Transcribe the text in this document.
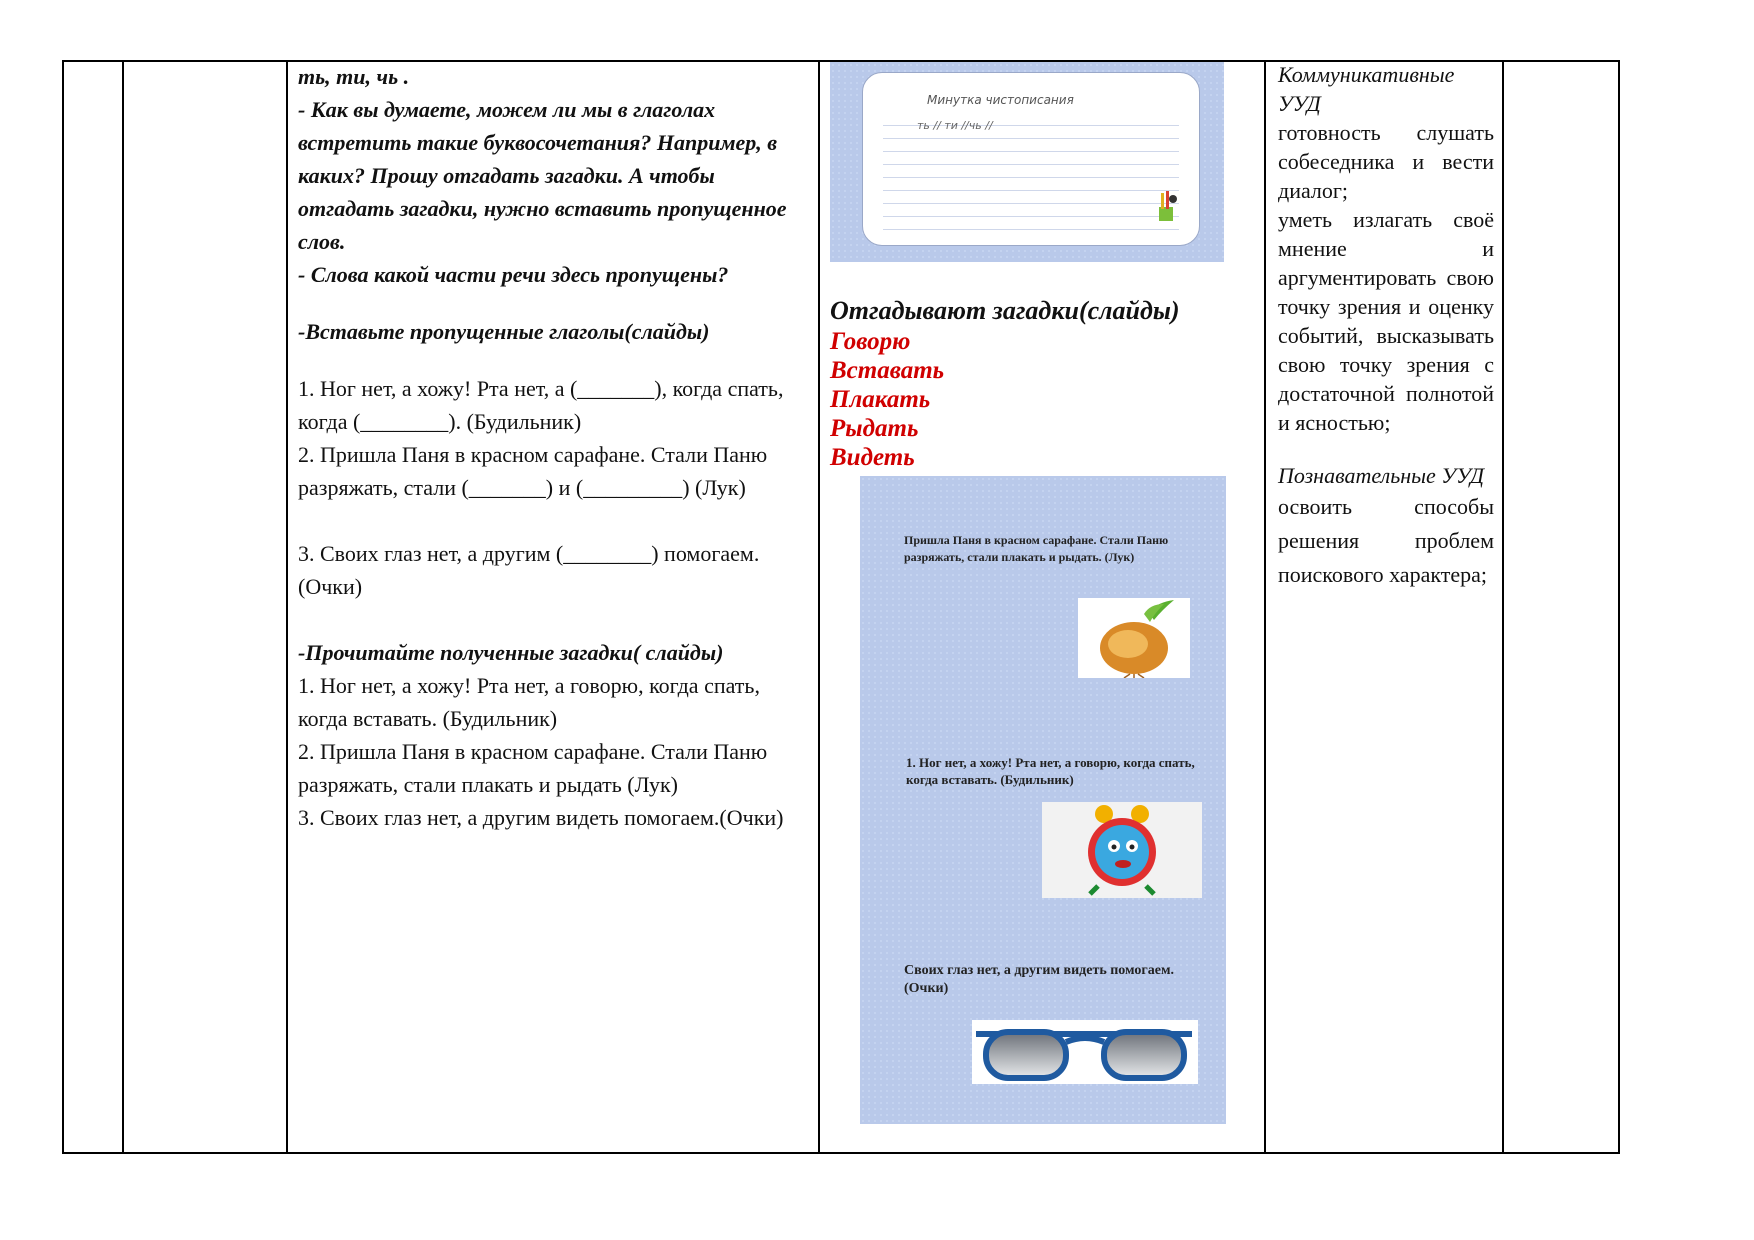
ть, ти, чь .

- Как вы думаете, можем ли мы в глаголах встретить такие буквосочетания? Например, в каких? Прошу отгадать загадки. А чтобы отгадать загадки, нужно вставить пропущенное слов.

- Слова какой части речи здесь пропущены?

-Вставьте пропущенные глаголы(слайды)

1. Ног нет, а хожу! Рта нет, а (_______), когда спать, когда (________). (Будильник)

2. Пришла Паня в красном сарафане. Стали Паню разряжать, стали (_______) и (_________) (Лук)

3. Своих глаз нет, а другим (________) помогаем.(Очки)

-Прочитайте полученные загадки( слайды)

1. Ног нет, а хожу! Рта нет, а говорю, когда спать, когда вставать. (Будильник)

2. Пришла Паня в красном сарафане. Стали Паню разряжать, стали плакать и рыдать (Лук)

3. Своих глаз нет, а другим видеть помогаем.(Очки)

Минутка чистописания
ть // ти //чь //
Отгадывают загадки(слайды)
Говорю
Вставать
Плакать
Рыдать
Видеть
Пришла Паня в красном сарафане. Стали Паню разряжать, стали плакать и рыдать. (Лук)
1. Ног нет, а хожу! Рта нет, а говорю, когда спать, когда вставать. (Будильник)
Своих глаз нет, а другим видеть помогаем.(Очки)

Коммуникативные УУД

готовность слушать собеседника и вести диалог;

уметь излагать своё мнение и аргументировать свою точку зрения и оценку событий, высказывать свою точку зрения с достаточной полнотой и ясностью;

Познавательные УУД

освоить способы решения проблем поискового характера;
